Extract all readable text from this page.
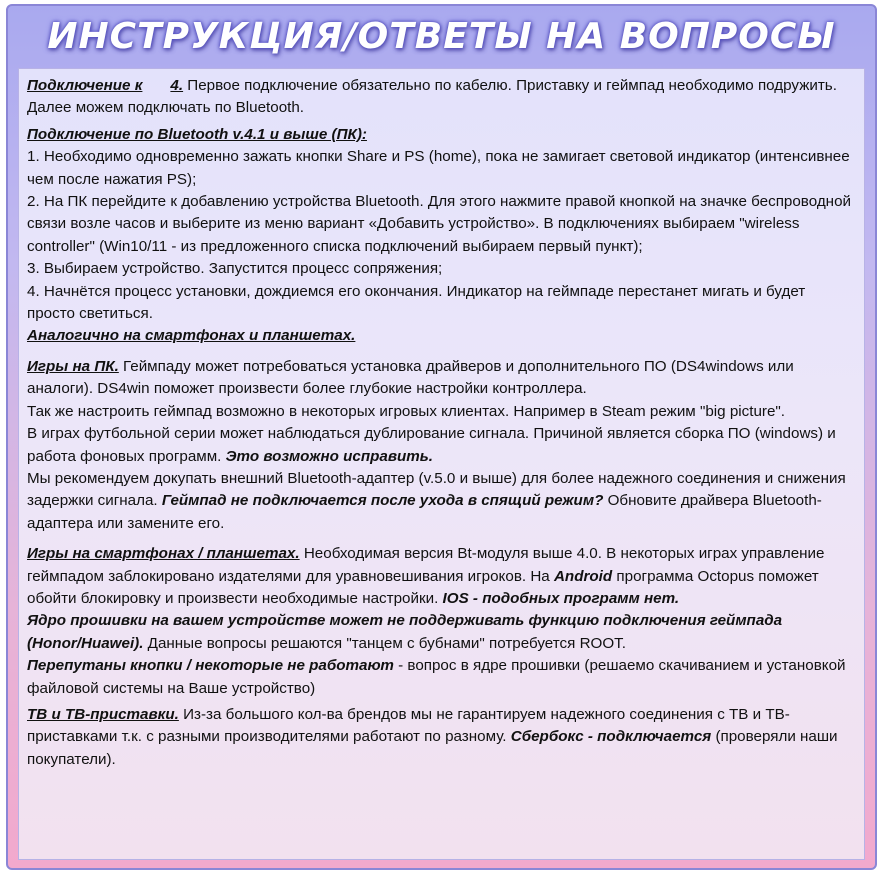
ИНСТРУКЦИЯ/ОТВЕТЫ НА ВОПРОСЫ

Подключение к 4. Первое подключение обязательно по кабелю. Приставку и геймпад необходимо подружить. Далее можем подключать по Bluetooth.

Подключение по Bluetooth v.4.1 и выше (ПК):

1. Необходимо одновременно зажать кнопки Share и PS (home), пока не замигает световой индикатор (интенсивнее чем после нажатия PS);

2. На ПК перейдите к добавлению устройства Bluetooth. Для этого нажмите правой кнопкой на значке беспроводной связи возле часов и выберите из меню вариант «Добавить устройство». В подключениях выбираем "wireless controller" (Win10/11 - из предложенного списка подключений выбираем первый пункт);

3. Выбираем устройство. Запустится процесс сопряжения;

4. Начнётся процесс установки, дождиемся его окончания. Индикатор на геймпаде перестанет мигать и будет просто светиться.

Аналогично на смартфонах и планшетах.

Игры на ПК. Геймпаду может потребоваться установка драйверов и дополнительного ПО (DS4windows или аналоги). DS4win поможет произвести более глубокие настройки контроллера.

Так же настроить геймпад возможно в некоторых игровых клиентах. Например в Steam режим "big picture".

В играх футбольной серии может наблюдаться дублирование сигнала. Причиной является сборка ПО (windows) и работа фоновых программ. Это возможно исправить.

Мы рекомендуем докупать внешний Bluetooth-адаптер (v.5.0 и выше) для более надежного соединения и снижения задержки сигнала. Геймпад не подключается после ухода в спящий режим? Обновите драйвера Bluetooth-адаптера или замените его.

Игры на смартфонах / планшетах. Необходимая версия Bt-модуля выше 4.0. В некоторых играх управление геймпадом заблокировано издателями для уравновешивания игроков. На Android программа Octopus поможет обойти блокировку и произвести необходимые настройки. IOS - подобных программ нет.

Ядро прошивки на вашем устройстве может не поддерживать функцию подключения геймпада (Honor/Huawei). Данные вопросы решаются "танцем с бубнами" потребуется ROOT.

Перепутаны кнопки / некоторые не работают - вопрос в ядре прошивки (решаемо скачиванием и установкой файловой системы на Ваше устройство)

ТВ и ТВ-приставки. Из-за большого кол-ва брендов мы не гарантируем надежного соединения с ТВ и ТВ-приставками т.к. с разными производителями работают по разному. Сбербокс - подключается (проверяли наши покупатели).
